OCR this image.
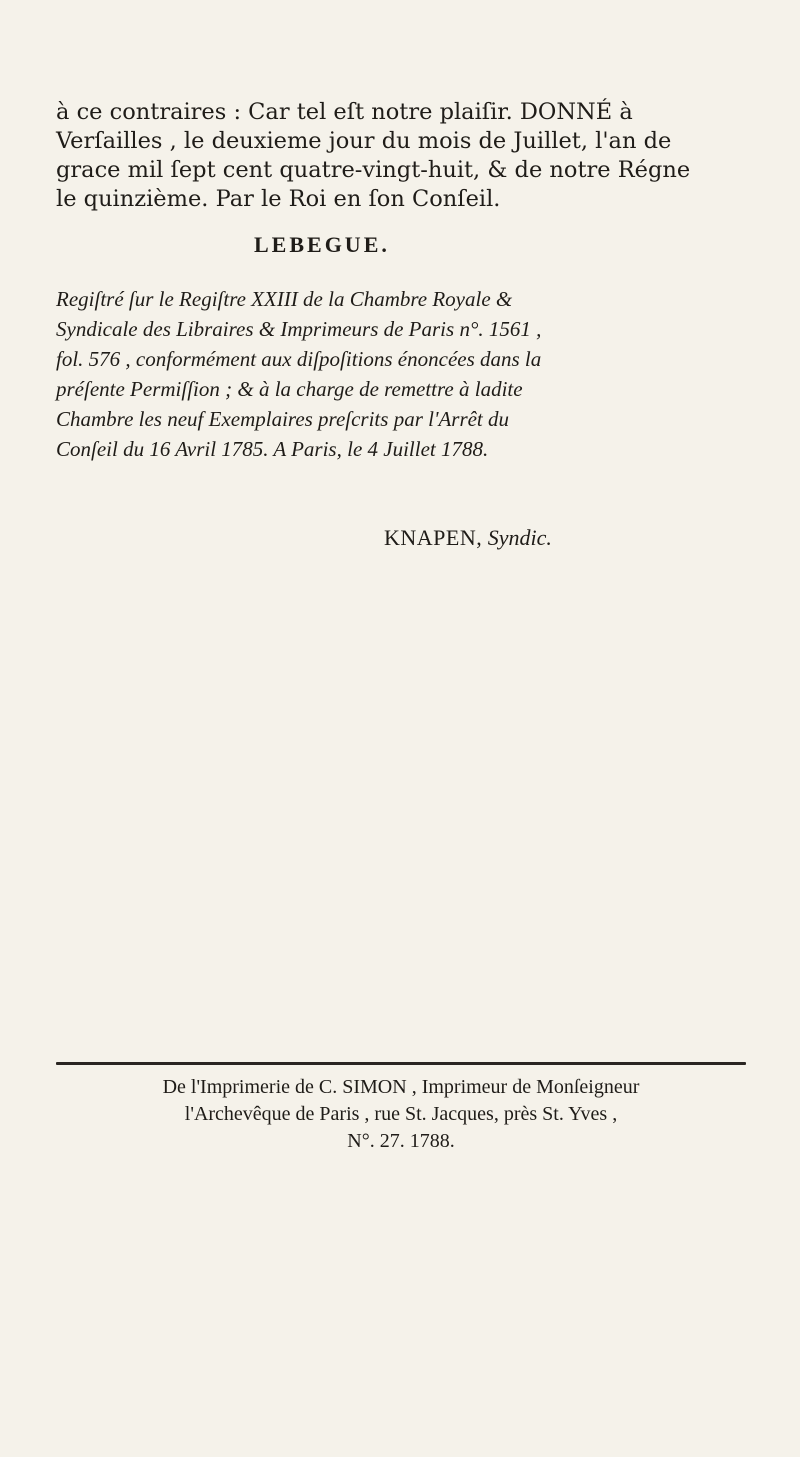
à ce contraires : Car tel eſt notre plaiſir. DONNÉ à
Verſailles , le deuxieme jour du mois de Juillet, l'an de
grace mil ſept cent quatre-vingt-huit, & de notre Régne
le quinzième. Par le Roi en ſon Conſeil.
LEBEGUE.
Regiſtré ſur le Regiſtre XXIII de la Chambre Royale &
Syndicale des Libraires & Imprimeurs de Paris n°. 1561 ,
fol. 576 , conformément aux diſpoſitions énoncées dans la
préſente Permiſſion ; & à la charge de remettre à ladite
Chambre les neuf Exemplaires preſcrits par l'Arrêt du
Conſeil du 16 Avril 1785. A Paris, le 4 Juillet 1788.
KNAPEN, Syndic.
De l'Imprimerie de C. SIMON , Imprimeur de Monſeigneur
l'Archevêque de Paris , rue St. Jacques, près St. Yves ,
N°. 27. 1788.
